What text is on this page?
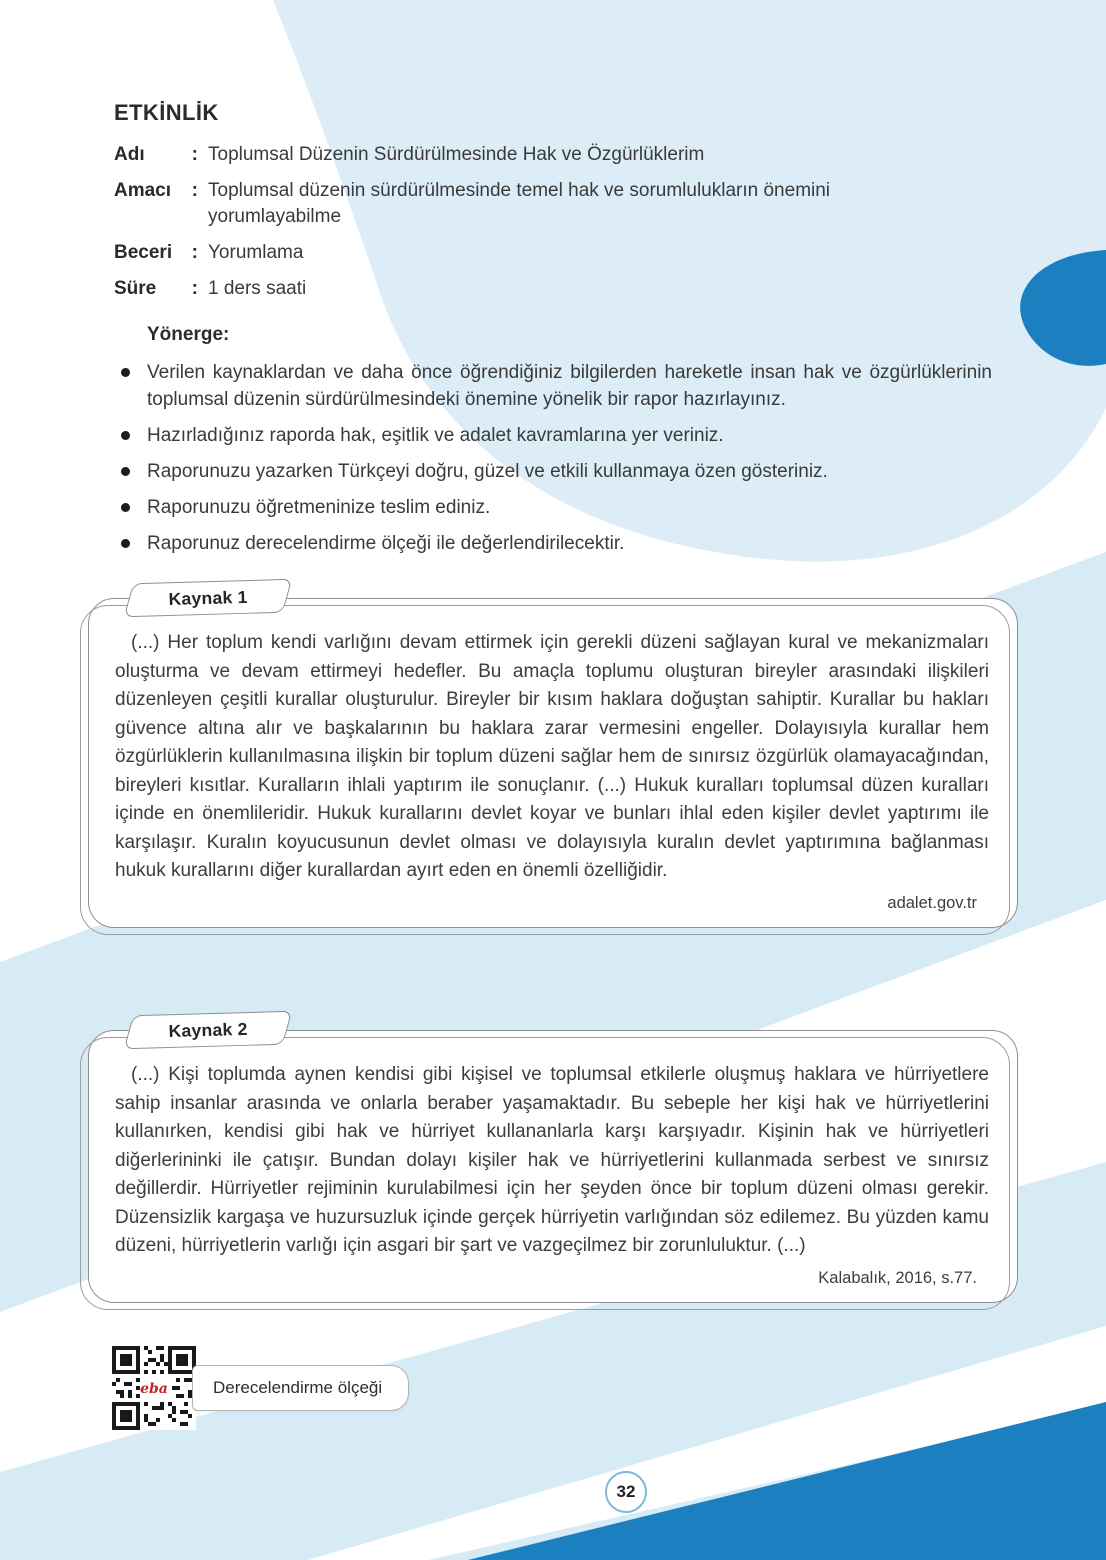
ETKİNLİK
Adı : Toplumsal Düzenin Sürdürülmesinde Hak ve Özgürlüklerim
Amacı : Toplumsal düzenin sürdürülmesinde temel hak ve sorumlulukların önemini yorumlayabilme
Beceri : Yorumlama
Süre : 1 ders saati
Yönerge:

Verilen kaynaklardan ve daha önce öğrendiğiniz bilgilerden hareketle insan hak ve özgürlüklerinin toplumsal düzenin sürdürülmesindeki önemine yönelik bir rapor hazırlayınız.

Hazırladığınız raporda hak, eşitlik ve adalet kavramlarına yer veriniz.

Raporunuzu yazarken Türkçeyi doğru, güzel ve etkili kullanmaya özen gösteriniz.

Raporunuzu öğretmeninize teslim ediniz.

Raporunuz derecelendirme ölçeği ile değerlendirilecektir.

Kaynak 1

(...) Her toplum kendi varlığını devam ettirmek için gerekli düzeni sağlayan kural ve mekanizmaları oluşturma ve devam ettirmeyi hedefler. Bu amaçla toplumu oluşturan bireyler arasındaki ilişkileri düzenleyen çeşitli kurallar oluşturulur. Bireyler bir kısım haklara doğuştan sahiptir. Kurallar bu hakları güvence altına alır ve başkalarının bu haklara zarar vermesini engeller. Dolayısıyla kurallar hem özgürlüklerin kullanılmasına ilişkin bir toplum düzeni sağlar hem de sınırsız özgürlük olamayacağından, bireyleri kısıtlar. Kuralların ihlali yaptırım ile sonuçlanır. (...) Hukuk kuralları toplumsal düzen kuralları içinde en önemlileridir. Hukuk kurallarını devlet koyar ve bunları ihlal eden kişiler devlet yaptırımı ile karşılaşır. Kuralın koyucusunun devlet olması ve dolayısıyla kuralın devlet yaptırımına bağlanması hukuk kurallarını diğer kurallardan ayırt eden en önemli özelliğidir.

adalet.gov.tr
Kaynak 2

(...) Kişi toplumda aynen kendisi gibi kişisel ve toplumsal etkilerle oluşmuş haklara ve hürriyetlere sahip insanlar arasında ve onlarla beraber yaşamaktadır. Bu sebeple her kişi hak ve hürriyetlerini kullanırken, kendisi gibi hak ve hürriyet kullananlarla karşı karşıyadır. Kişinin hak ve hürriyetleri diğerlerininki ile çatışır. Bundan dolayı kişiler hak ve hürriyetlerini kullanmada serbest ve sınırsız değillerdir. Hürriyetler rejiminin kurulabilmesi için her şeyden önce bir toplum düzeni olması gerekir. Düzensizlik kargaşa ve huzursuzluk içinde gerçek hürriyetin varlığından söz edilemez. Bu yüzden kamu düzeni, hürriyetlerin varlığı için asgari bir şart ve vazgeçilmez bir zorunluluktur. (...)

Kalabalık, 2016, s.77.
eba	Derecelendirme ölçeği
32
